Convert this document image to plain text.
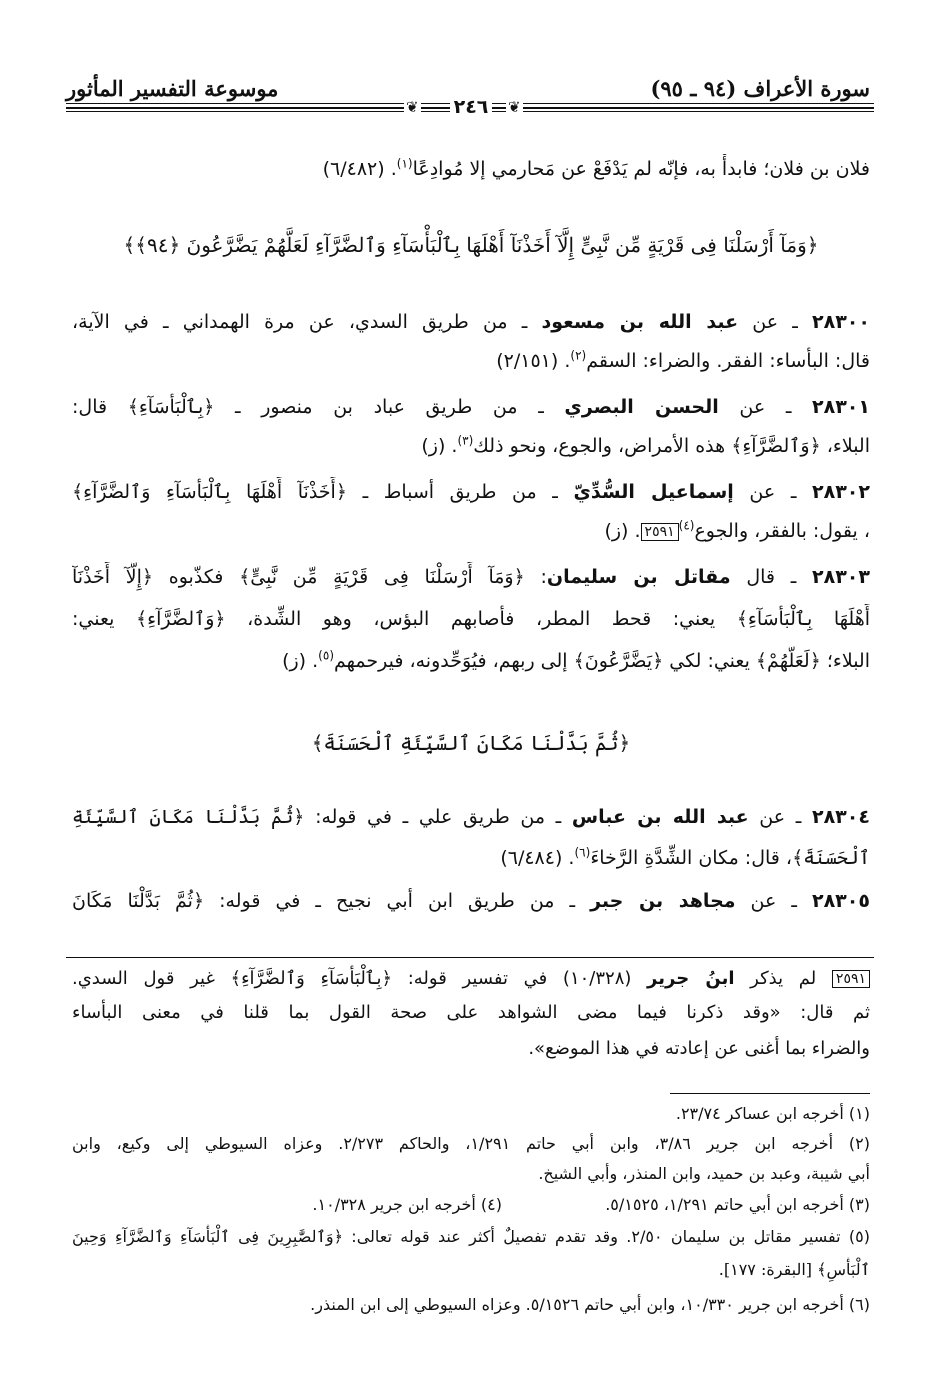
سورة الأعراف (٩٤ ـ ٩٥)
موسوعة التفسير المأثور
❦	❦
٢٤٦
فلان بن فلان؛ فابدأْ به، فإنّه لم يَدْفَعْ عن مَحارمي إلا مُوادِعًا$^{(١)}$. (٦/٤٨٢)
﴿وَمَآ أَرْسَلْنَا فِى قَرْيَةٍ مِّن نَّبِىٍّ إِلَّآ أَخَذْنَآ أَهْلَهَا بِٱلْبَأْسَآءِ وَٱلضَّرَّآءِ لَعَلَّهُمْ يَضَّرَّعُونَ ﴿٩٤﴾﴾
٢٨٣٠٠ ـ عن عبد الله بن مسعود ـ من طريق السدي، عن مرة الهمداني ـ في الآية،
قال: البأساء: الفقر. والضراء: السقم$^{(٢)}$. (٢/١٥١)
٢٨٣٠١ ـ عن الحسن البصري ـ من طريق عباد بن منصور ـ ﴿بِٱلْبَأْسَآءِ﴾ قال:
البلاء، ﴿وَٱلضَّرَّآءِ﴾ هذه الأمراض، والجوع، ونحو ذلك$^{(٣)}$. (ز)
٢٨٣٠٢ ـ عن إسماعيل السُّدِّيّ ـ من طريق أسباط ـ ﴿أَخَذْنَآ أَهْلَهَا بِٱلْبَأْسَآءِ وَٱلضَّرَّآءِ﴾
، يقول: بالفقر، والجوع$^{(٤)}$٢٥٩١. (ز)
٢٨٣٠٣ ـ قال مقاتل بن سليمان: ﴿وَمَآ أَرْسَلْنَا فِى قَرْيَةٍ مِّن نَّبِىٍّ﴾ فكذّبوه ﴿إِلَّآ أَخَذْنَآ
أَهْلَهَا بِٱلْبَأْسَآءِ﴾ يعني: قحط المطر، فأصابهم البؤس، وهو الشِّدة، ﴿وَٱلضَّرَّآءِ﴾ يعني:
البلاء؛ ﴿لَعَلَّهُمْ﴾ يعني: لكي ﴿يَضَّرَّعُونَ﴾ إلى ربهم، فيُوَحِّدونه، فيرحمهم$^{(٥)}$. (ز)
﴿ثُمَّ بَدَّلْنَا مَكَانَ ٱلسَّيِّئَةِ ٱلْحَسَنَةَ﴾
٢٨٣٠٤ ـ عن عبد الله بن عباس ـ من طريق علي ـ في قوله: ﴿ثُمَّ بَدَّلْنَا مَكَانَ ٱلسَّيِّئَةِ
ٱلْحَسَنَةَ﴾، قال: مكان الشِّدَّةِ الرَّخاءَ$^{(٦)}$. (٦/٤٨٤)
٢٨٣٠٥ ـ عن مجاهد بن جبر ـ من طريق ابن أبي نجيح ـ في قوله: ﴿ثُمَّ بَدَّلْنَا مَكَانَ
٢٥٩١ لم يذكر ابنُ جرير (١٠/٣٢٨) في تفسير قوله: ﴿بِٱلْبَأْسَآءِ وَٱلضَّرَّآءِ﴾ غير قول السدي.
ثم قال: «وقد ذكرنا فيما مضى الشواهد على صحة القول بما قلنا في معنى البأساء
والضراء بما أغنى عن إعادته في هذا الموضع».
(١) أخرجه ابن عساكر ٢٣/٧٤.
(٢) أخرجه ابن جرير ٣/٨٦، وابن أبي حاتم ١/٢٩١، والحاكم ٢/٢٧٣. وعزاه السيوطي إلى وكيع، وابن
أبي شيبة، وعبد بن حميد، وابن المنذر، وأبي الشيخ.
(٣) أخرجه ابن أبي حاتم ١/٢٩١، ٥/١٥٢٥.
(٤) أخرجه ابن جرير ١٠/٣٢٨.
(٥) تفسير مقاتل بن سليمان ٢/٥٠. وقد تقدم تفصيلٌ أكثر عند قوله تعالى: ﴿وَٱلصَّٰبِرِينَ فِى ٱلْبَأْسَآءِ وَٱلضَّرَّآءِ وَحِينَ
ٱلْبَأْسِ﴾ [البقرة: ١٧٧].
(٦) أخرجه ابن جرير ١٠/٣٣٠، وابن أبي حاتم ٥/١٥٢٦. وعزاه السيوطي إلى ابن المنذر.
